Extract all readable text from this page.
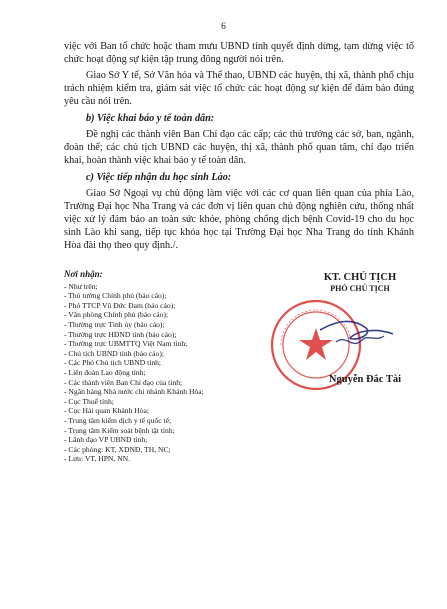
6

việc với Ban tổ chức hoặc tham mưu UBND tỉnh quyết định dừng, tạm dừng việc tổ chức hoạt động sự kiện tập trung đông người nói trên.

Giao Sở Y tế, Sở Văn hóa và Thể thao, UBND các huyện, thị xã, thành phố chịu trách nhiệm kiểm tra, giám sát việc tổ chức các hoạt động sự kiện để đảm bảo đúng yêu cầu nói trên.

b) Việc khai báo y tế toàn dân:

Đề nghị các thành viên Ban Chỉ đạo các cấp; các thủ trưởng các sở, ban, ngành, đoàn thể; các chủ tịch UBND các huyện, thị xã, thành phố quan tâm, chỉ đạo triển khai, hoàn thành việc khai báo y tế toàn dân.

c) Việc tiếp nhận du học sinh Lào:

Giao Sở Ngoại vụ chủ động làm việc với các cơ quan liên quan của phía Lào, Trường Đại học Nha Trang và các đơn vị liên quan chủ động nghiên cứu, thống nhất việc xử lý đảm bảo an toàn sức khỏe, phòng chống dịch bệnh Covid-19 cho du học sinh Lào khi sang, tiếp tục khóa học tại Trường Đại học Nha Trang do tỉnh Khánh Hòa đài thọ theo quy định./.

Nơi nhận:
- Như trên;
- Thủ tướng Chính phủ (báo cáo);
- Phó TTCP Vũ Đức Đam (báo cáo);
- Văn phòng Chính phủ (báo cáo);
- Thường trực Tỉnh ủy (báo cáo);
- Thường trực HĐND tỉnh (báo cáo);
- Thường trực UBMTTQ Việt Nam tỉnh;
- Chủ tịch UBND tỉnh (báo cáo);
- Các Phó Chủ tịch UBND tỉnh;
- Liên đoàn Lao động tỉnh;
- Các thành viên Ban Chỉ đạo của tỉnh;
- Ngân hàng Nhà nước chi nhánh Khánh Hòa;
- Cục Thuế tỉnh;
- Cục Hải quan Khánh Hòa;
- Trung tâm kiểm dịch y tế quốc tế;
- Trung tâm Kiểm soát bệnh tật tỉnh;
- Lãnh đạo VP UBND tỉnh;
- Các phòng: KT, XDNĐ, TH, NC;
- Lưu: VT, HPN, NN.
KT. CHỦ TỊCH
PHÓ CHỦ TỊCH
Nguyễn Đắc Tài
